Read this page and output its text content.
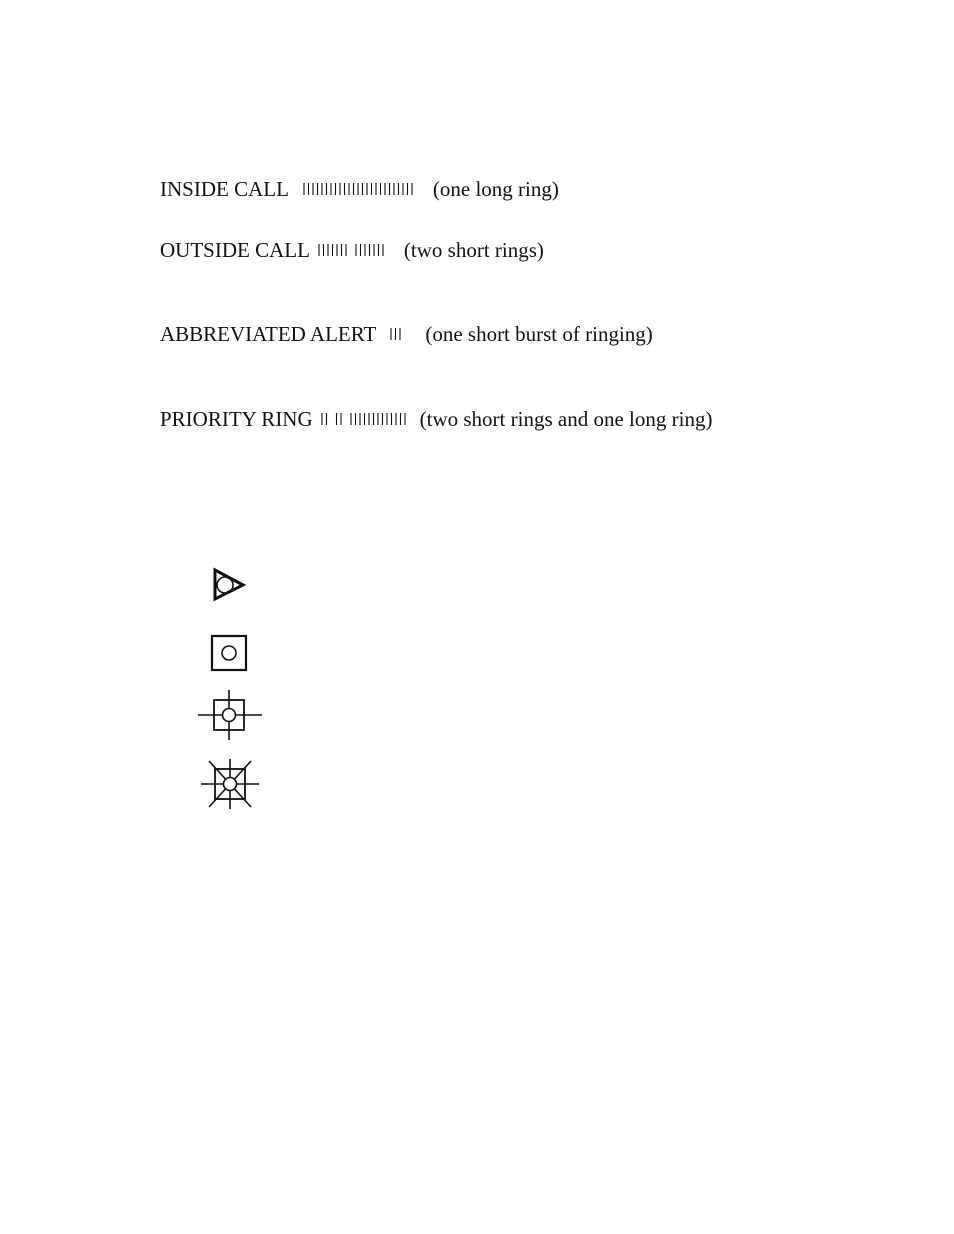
INSIDE CALL	(one long ring)
OUTSIDE CALL	(two short rings)
ABBREVIATED ALERT (one short burst of ringing)
PRIORITY RING	(two short rings and one long ring)
